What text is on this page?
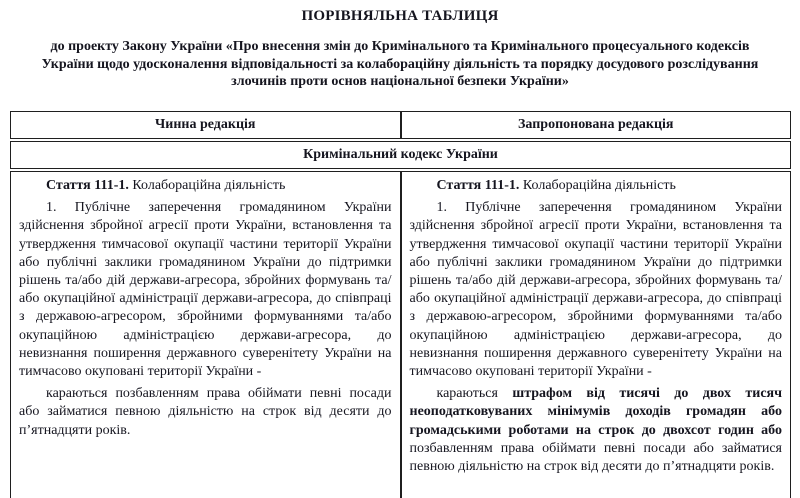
ПОРІВНЯЛЬНА ТАБЛИЦЯ
до проекту Закону України «Про внесення змін до Кримінального та Кримінального процесуального кодексів України щодо удосконалення відповідальності за колабораційну діяльність та порядку досудового розслідування злочинів проти основ національної безпеки України»
Чинна редакція	Запропонована редакція
Кримінальний кодекс України

Стаття 111-1. Колабораційна діяльність

1. Публічне заперечення громадянином України здійснення збройної агресії проти України, встановлення та утвердження тимчасової окупації частини території України або публічні заклики громадянином України до підтримки рішень та/або дій держави-агресора, збройних формувань та/або окупаційної адміністрації держави-агресора, до співпраці з державою-агресором, збройними формуваннями та/або окупаційною адміністрацією держави-агресора, до невизнання поширення державного суверенітету України на тимчасово окуповані території України -

караються позбавленням права обіймати певні посади або займатися певною діяльністю на строк від десяти до п’ятнадцяти років.

Стаття 111-1. Колабораційна діяльність

1. Публічне заперечення громадянином України здійснення збройної агресії проти України, встановлення та утвердження тимчасової окупації частини території України або публічні заклики громадянином України до підтримки рішень та/або дій держави-агресора, збройних формувань та/або окупаційної адміністрації держави-агресора, до співпраці з державою-агресором, збройними формуваннями та/або окупаційною адміністрацією держави-агресора, до невизнання поширення державного суверенітету України на тимчасово окуповані території України -

караються штрафом від тисячі до двох тисяч неоподатковуваних мінімумів доходів громадян або громадськими роботами на строк до двохсот годин або позбавленням права обіймати певні посади або займатися певною діяльністю на строк від десяти до п’ятнадцяти років.
